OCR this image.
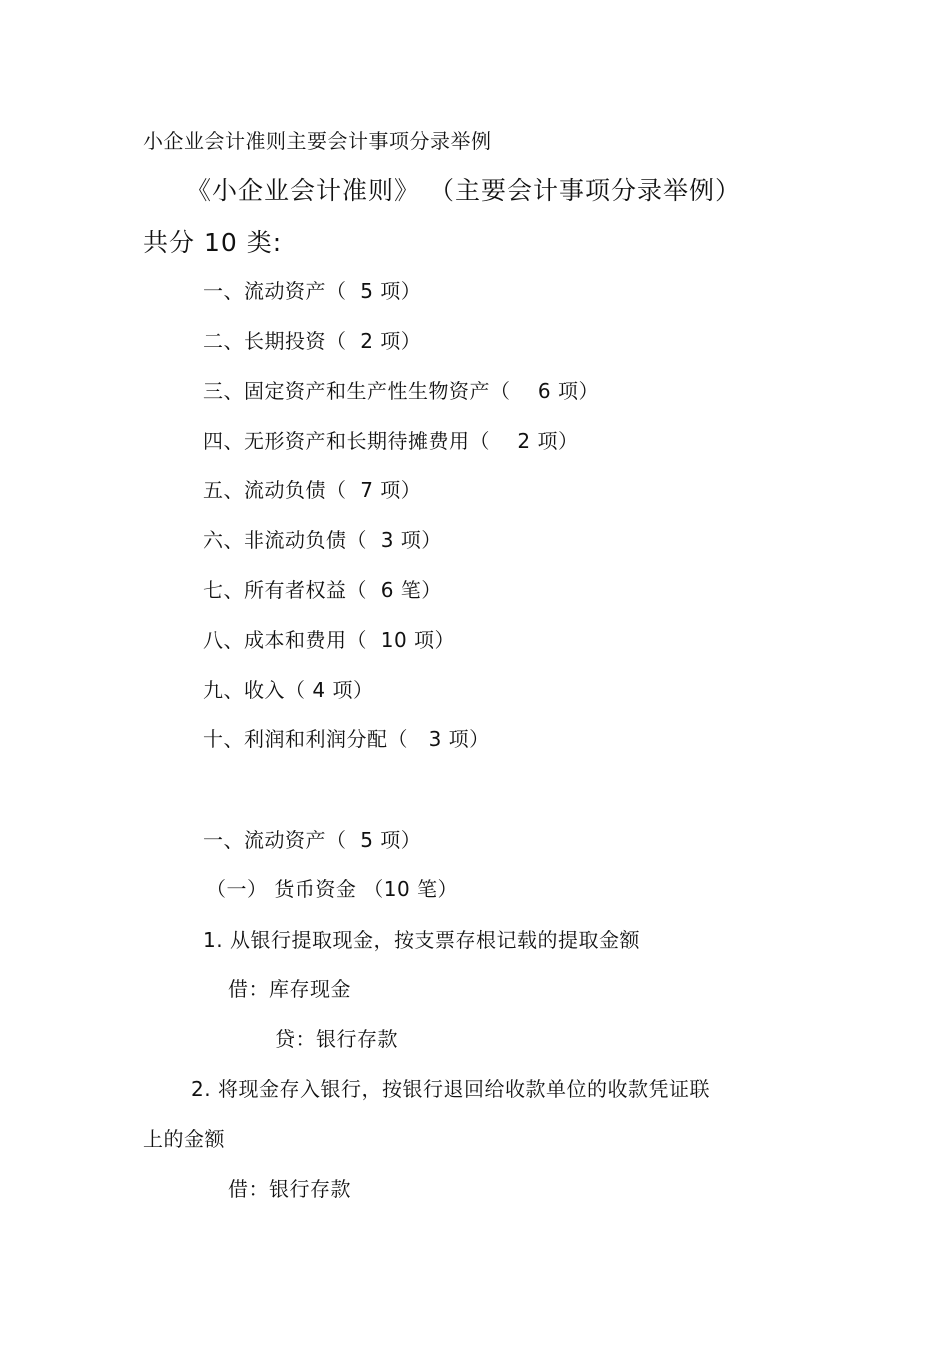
小企业会计准则主要会计事项分录举例
《小企业会计准则》 （主要会计事项分录举例）
共分 10 类:
一、流动资产（  5 项）
二、长期投资（  2 项）
三、固定资产和生产性生物资产（    6 项）
四、无形资产和长期待摊费用（    2 项）
五、流动负债（  7 项）
六、非流动负债（  3 项）
七、所有者权益（  6 笔）
八、成本和费用（  10 项）
九、收入（ 4 项）
十、利润和利润分配（   3 项）
一、流动资产（  5 项）
（一） 货币资金 （10 笔）
1. 从银行提取现金，按支票存根记载的提取金额
借：库存现金
贷：银行存款
2. 将现金存入银行，按银行退回给收款单位的收款凭证联
上的金额
借：银行存款
